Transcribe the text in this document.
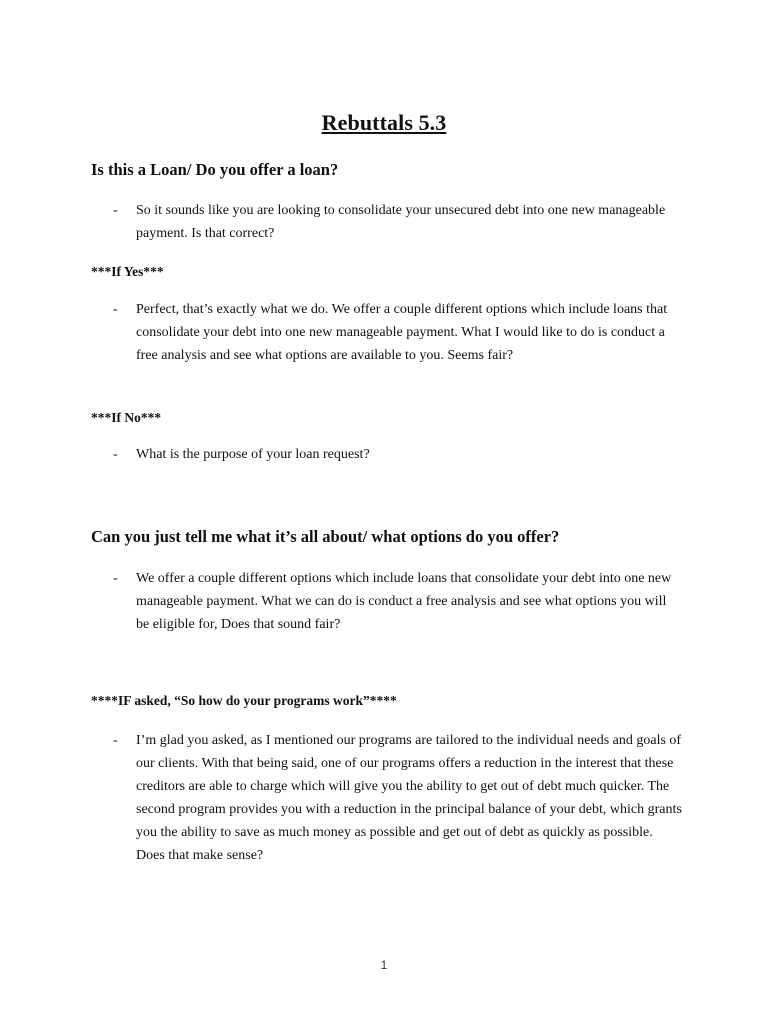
Rebuttals 5.3
Is this a Loan/ Do you offer a loan?
- So it sounds like you are looking to consolidate your unsecured debt into one new manageable payment. Is that correct?
***If Yes***
- Perfect, that’s exactly what we do. We offer a couple different options which include loans that consolidate your debt into one new manageable payment. What I would like to do is conduct a free analysis and see what options are available to you. Seems fair?
***If No***
- What is the purpose of your loan request?
Can you just tell me what it’s all about/ what options do you offer?
- We offer a couple different options which include loans that consolidate your debt into one new manageable payment. What we can do is conduct a free analysis and see what options you will be eligible for, Does that sound fair?
****IF asked, “So how do your programs work”****
- I’m glad you asked, as I mentioned our programs are tailored to the individual needs and goals of our clients. With that being said, one of our programs offers a reduction in the interest that these creditors are able to charge which will give you the ability to get out of debt much quicker. The second program provides you with a reduction in the principal balance of your debt, which grants you the ability to save as much money as possible and get out of debt as quickly as possible. Does that make sense?
1
